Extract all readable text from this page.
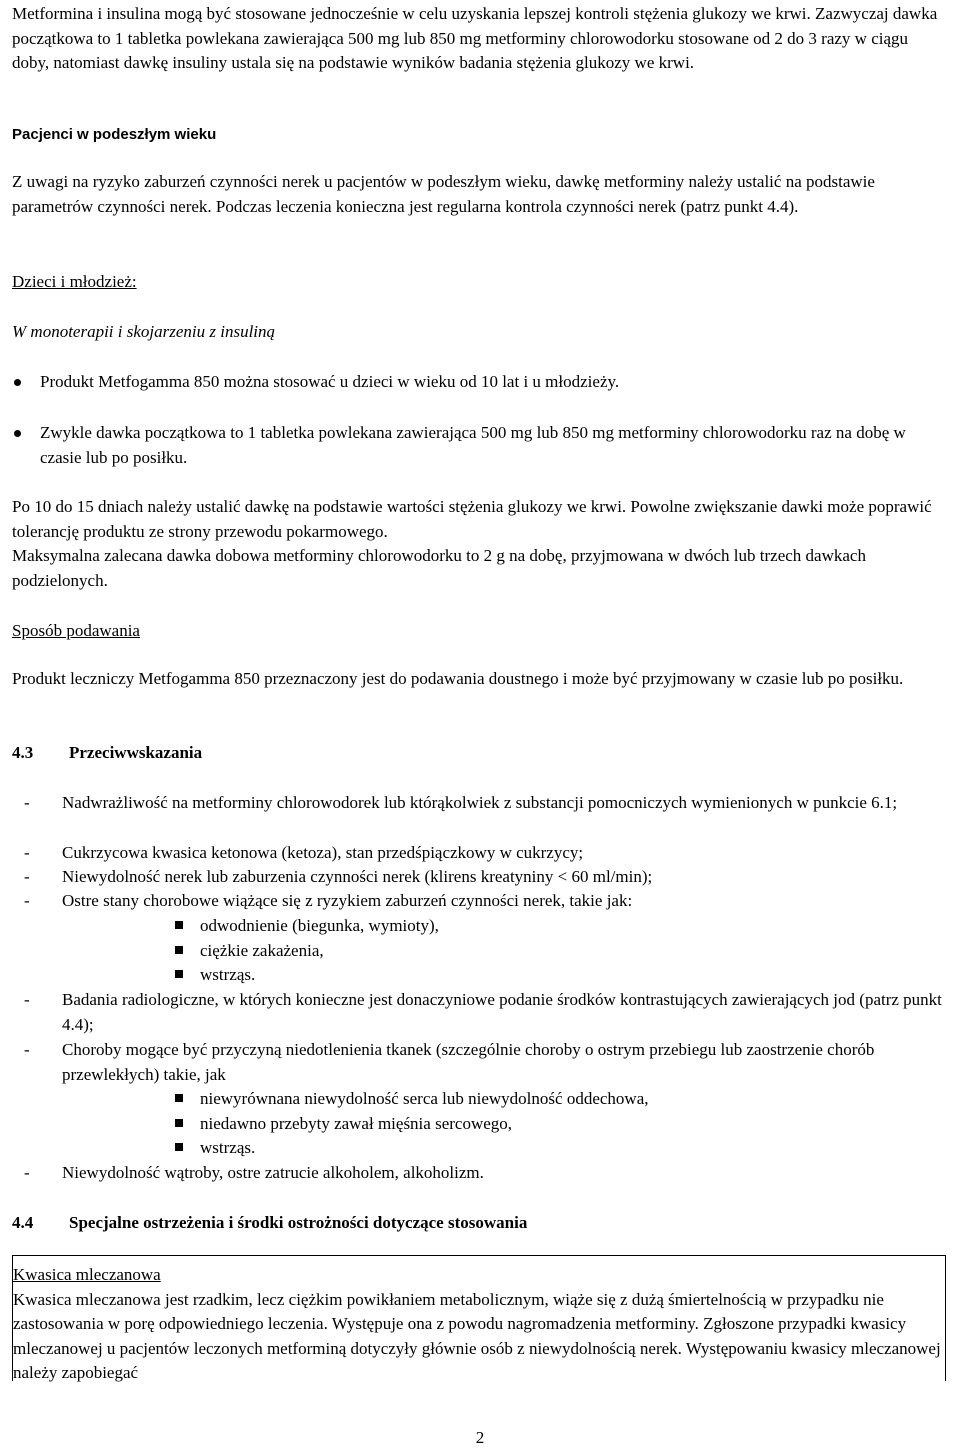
Metformina i insulina mogą być stosowane jednocześnie w celu uzyskania lepszej kontroli stężenia glukozy we krwi. Zazwyczaj dawka początkowa to 1 tabletka powlekana zawierająca 500 mg lub 850 mg metforminy chlorowodorku stosowane od 2 do 3 razy w ciągu doby, natomiast dawkę insuliny ustala się na podstawie wyników badania stężenia glukozy we krwi.

Pacjenci w podeszłym wieku

Z uwagi na ryzyko zaburzeń czynności nerek u pacjentów w podeszłym wieku, dawkę metforminy należy ustalić na podstawie parametrów czynności nerek. Podczas leczenia konieczna jest regularna kontrola czynności nerek (patrz punkt 4.4).

Dzieci i młodzież:

W monoterapii i skojarzeniu z insuliną

Produkt Metfogamma 850 można stosować u dzieci w wieku od 10 lat i u młodzieży.
Zwykle dawka początkowa to 1 tabletka powlekana zawierająca 500 mg lub 850 mg metforminy chlorowodorku raz na dobę w czasie lub po posiłku.

Po 10 do 15 dniach należy ustalić dawkę na podstawie wartości stężenia glukozy we krwi. Powolne zwiększanie dawki może poprawić tolerancję produktu ze strony przewodu pokarmowego.

Maksymalna zalecana dawka dobowa metforminy chlorowodorku to 2 g na dobę, przyjmowana w dwóch lub trzech dawkach podzielonych.

Sposób podawania

Produkt leczniczy Metfogamma 850 przeznaczony jest do podawania doustnego i może być przyjmowany w czasie lub po posiłku.

4.3 Przeciwwskazania

- Nadwrażliwość na metforminy chlorowodorek lub którąkolwiek z substancji pomocniczych wymienionych w punkcie 6.1;

- Cukrzycowa kwasica ketonowa (ketoza), stan przedśpiączkowy w cukrzycy;

- Niewydolność nerek lub zaburzenia czynności nerek (klirens kreatyniny < 60 ml/min);

- Ostre stany chorobowe wiążące się z ryzykiem zaburzeń czynności nerek, takie jak:

odwodnienie (biegunka, wymioty),
ciężkie zakażenia,
wstrząs.
- Badania radiologiczne, w których konieczne jest donaczyniowe podanie środków kontrastujących zawierających jod (patrz punkt 4.4);

- Choroby mogące być przyczyną niedotlenienia tkanek (szczególnie choroby o ostrym przebiegu lub zaostrzenie chorób przewlekłych) takie, jak

niewyrównana niewydolność serca lub niewydolność oddechowa,
niedawno przebyty zawał mięśnia sercowego,
wstrząs.
- Niewydolność wątroby, ostre zatrucie alkoholem, alkoholizm.

4.4 Specjalne ostrzeżenia i środki ostrożności dotyczące stosowania

Kwasica mleczanowa

Kwasica mleczanowa jest rzadkim, lecz ciężkim powikłaniem metabolicznym, wiąże się z dużą śmiertelnością w przypadku nie zastosowania w porę odpowiedniego leczenia. Występuje ona z powodu nagromadzenia metforminy. Zgłoszone przypadki kwasicy mleczanowej u pacjentów leczonych metforminą dotyczyły głównie osób z niewydolnością nerek. Występowaniu kwasicy mleczanowej należy zapobiegać

2
